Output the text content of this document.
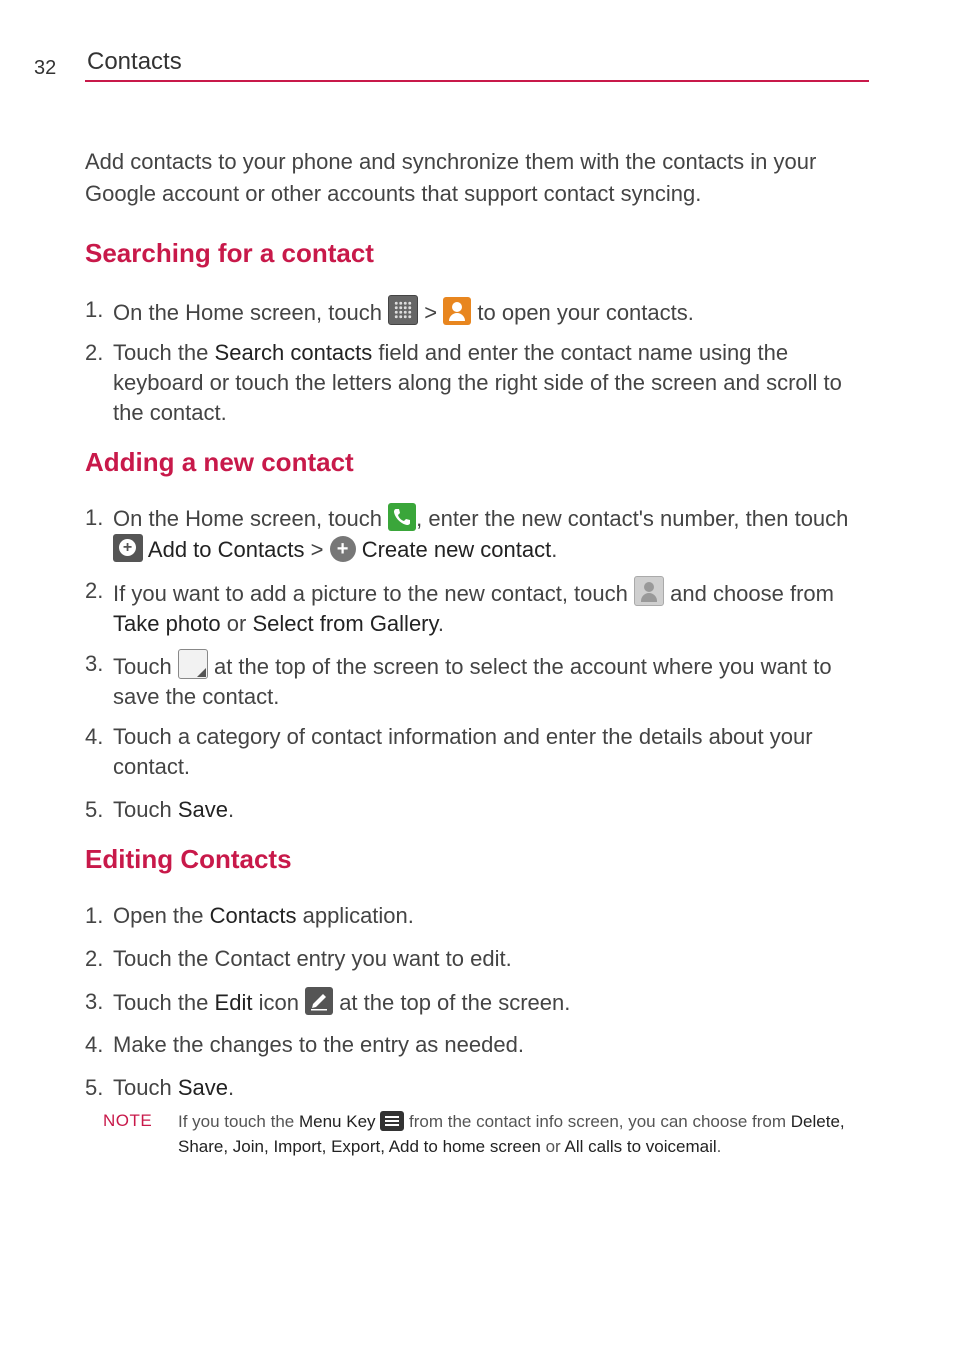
32 Contacts
Add contacts to your phone and synchronize them with the contacts in your Google account or other accounts that support contact syncing.
Searching for a contact
1. On the Home screen, touch > to open your contacts.
2. Touch the Search contacts field and enter the contact name using the keyboard or touch the letters along the right side of the screen and scroll to the contact.
Adding a new contact
1. On the Home screen, touch , enter the new contact's number, then touch + Add to Contacts > + Create new contact.
2. If you want to add a picture to the new contact, touch and choose from Take photo or Select from Gallery.
3. Touch at the top of the screen to select the account where you want to save the contact.
4. Touch a category of contact information and enter the details about your contact.
5. Touch Save.
Editing Contacts
1. Open the Contacts application.
2. Touch the Contact entry you want to edit.
3. Touch the Edit icon at the top of the screen.
4. Make the changes to the entry as needed.
5. Touch Save.
NOTE If you touch the Menu Key from the contact info screen, you can choose from Delete, Share, Join, Import, Export, Add to home screen or All calls to voicemail.
